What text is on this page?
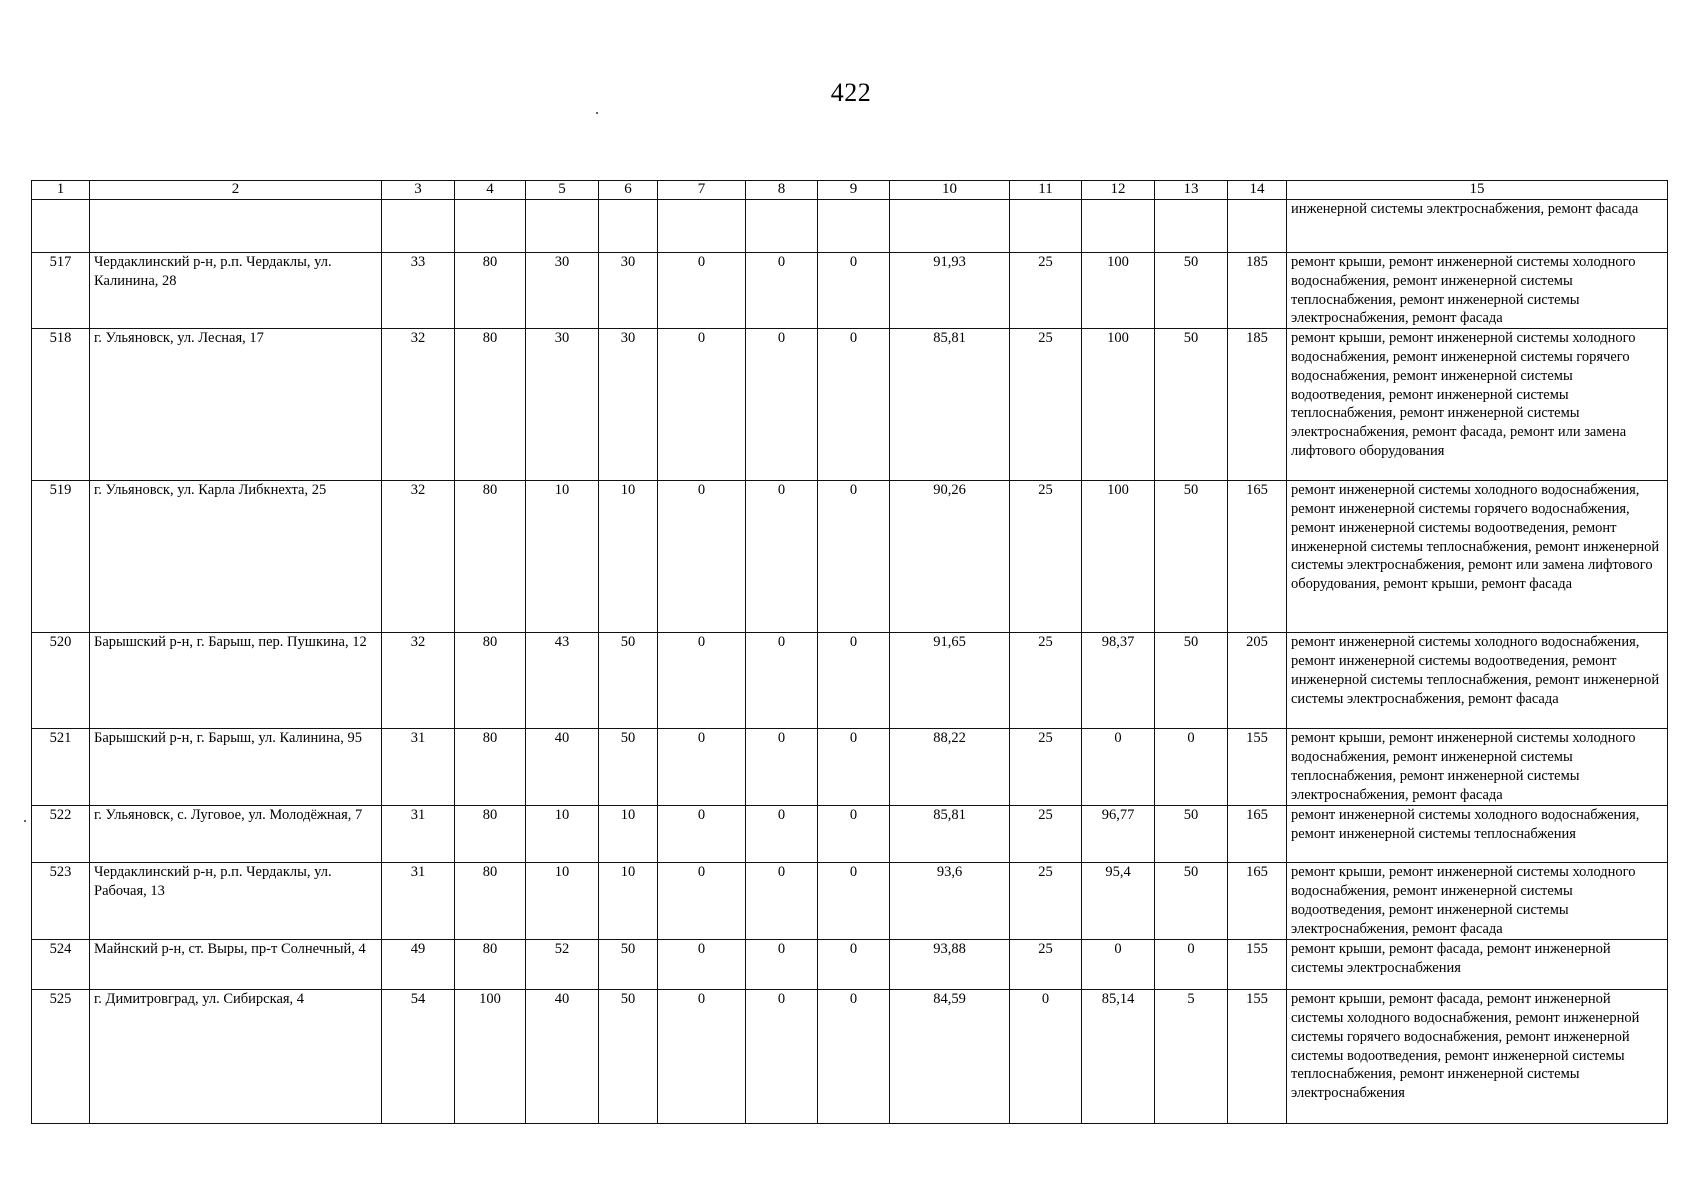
422
1	2	3	4	5	6	7	8	9	10	11	12	13	14	15
														инженерной системы электроснабжения, ремонт фасада
517	Чердаклинский р-н, р.п. Чердаклы, ул. Калинина, 28	33	80	30	30	0	0	0	91,93	25	100	50	185	ремонт крыши, ремонт инженерной системы холодного водоснабжения, ремонт инженерной системы теплоснабжения, ремонт инженерной системы электроснабжения, ремонт фасада
518	г. Ульяновск, ул. Лесная, 17	32	80	30	30	0	0	0	85,81	25	100	50	185	ремонт крыши, ремонт инженерной системы холодного водоснабжения, ремонт инженерной системы горячего водоснабжения, ремонт инженерной системы водоотведения, ремонт инженерной системы теплоснабжения, ремонт инженерной системы электроснабжения, ремонт фасада, ремонт или замена лифтового оборудования
519	г. Ульяновск, ул. Карла Либкнехта, 25	32	80	10	10	0	0	0	90,26	25	100	50	165	ремонт инженерной системы холодного водоснабжения, ремонт инженерной системы горячего водоснабжения, ремонт инженерной системы водоотведения, ремонт инженерной системы теплоснабжения, ремонт инженерной системы электроснабжения, ремонт или замена лифтового оборудования, ремонт крыши, ремонт фасада
520	Барышский р-н, г. Барыш, пер. Пушкина, 12	32	80	43	50	0	0	0	91,65	25	98,37	50	205	ремонт инженерной системы холодного водоснабжения, ремонт инженерной системы водоотведения, ремонт инженерной системы теплоснабжения, ремонт инженерной системы электроснабжения, ремонт фасада
521	Барышский р-н, г. Барыш, ул. Калинина, 95	31	80	40	50	0	0	0	88,22	25	0	0	155	ремонт крыши, ремонт инженерной системы холодного водоснабжения, ремонт инженерной системы теплоснабжения, ремонт инженерной системы электроснабжения, ремонт фасада
522	г. Ульяновск, с. Луговое, ул. Молодёжная, 7	31	80	10	10	0	0	0	85,81	25	96,77	50	165	ремонт инженерной системы холодного водоснабжения, ремонт инженерной системы теплоснабжения
523	Чердаклинский р-н, р.п. Чердаклы, ул. Рабочая, 13	31	80	10	10	0	0	0	93,6	25	95,4	50	165	ремонт крыши, ремонт инженерной системы холодного водоснабжения, ремонт инженерной системы водоотведения, ремонт инженерной системы электроснабжения, ремонт фасада
524	Майнский р-н, ст. Выры, пр-т Солнечный, 4	49	80	52	50	0	0	0	93,88	25	0	0	155	ремонт крыши, ремонт фасада, ремонт инженерной системы электроснабжения
525	г. Димитровград, ул. Сибирская, 4	54	100	40	50	0	0	0	84,59	0	85,14	5	155	ремонт крыши, ремонт фасада, ремонт инженерной системы холодного водоснабжения, ремонт инженерной системы горячего водоснабжения, ремонт инженерной системы водоотведения, ремонт инженерной системы теплоснабжения, ремонт инженерной системы электроснабжения
